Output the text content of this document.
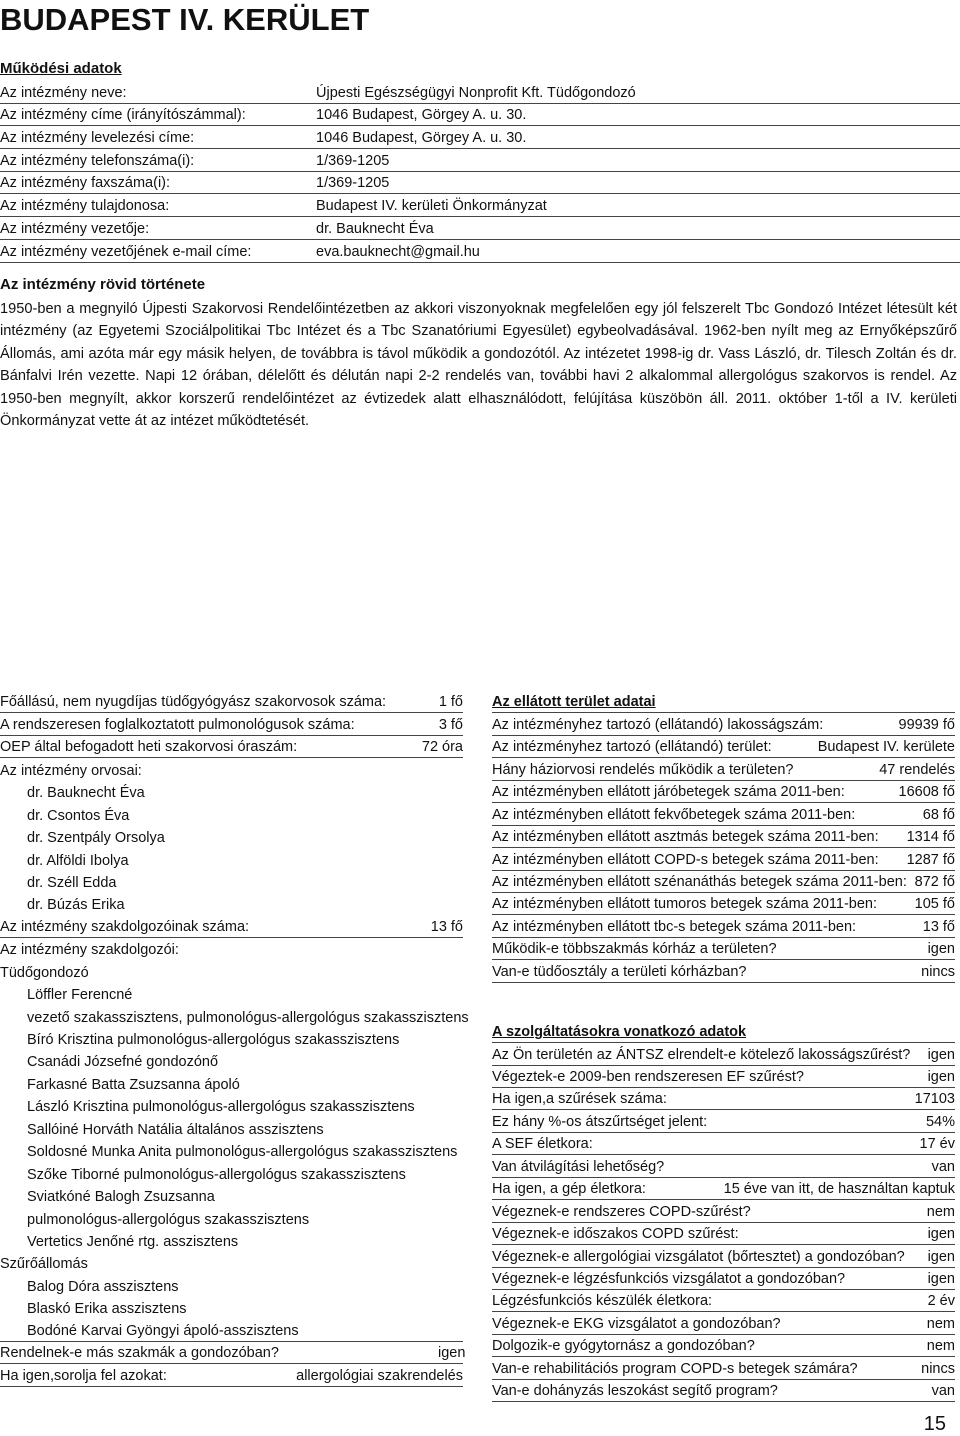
BUDAPEST IV. KERÜLET
Működési adatok
Az intézmény neve:	Újpesti Egészségügyi Nonprofit Kft. Tüdőgondozó
Az intézmény címe (irányítószámmal):	1046 Budapest, Görgey A. u. 30.
Az intézmény levelezési címe:	1046 Budapest, Görgey A. u. 30.
Az intézmény telefonszáma(i):	1/369-1205
Az intézmény faxszáma(i):	1/369-1205
Az intézmény tulajdonosa:	Budapest IV. kerületi Önkormányzat
Az intézmény vezetője:	dr. Bauknecht Éva
Az intézmény vezetőjének e-mail címe:	eva.bauknecht@gmail.hu
Az intézmény rövid története
1950-ben a megnyiló Újpesti Szakorvosi Rendelőintézetben az akkori viszonyoknak megfelelően egy jól felszerelt Tbc Gondozó Intézet létesült két intézmény (az Egyetemi Szociálpolitikai Tbc Intézet és a Tbc Szanatóriumi Egyesület) egybeolvadásával. 1962-ben nyílt meg az Ernyőképszűrő Állomás, ami azóta már egy másik helyen, de továbbra is távol működik a gondozótól. Az intézetet 1998-ig dr. Vass László, dr. Tilesch Zoltán és dr. Bánfalvi Irén vezette. Napi 12 órában, délelőtt és délután napi 2-2 rendelés van, további havi 2 alkalommal allergológus szakorvos is rendel. Az 1950-ben megnyílt, akkor korszerű rendelőintézet az évtizedek alatt elhasználódott, felújítása küszöbön áll. 2011. október 1-től a IV. kerületi Önkormányzat vette át az intézet működtetését.
Főállású, nem nyugdíjas tüdőgyógyász szakorvosok száma:	1 fő
A rendszeresen foglalkoztatott pulmonológusok száma:	3 fő
OEP által befogadott heti szakorvosi óraszám:	72 óra
Az intézmény orvosai:
dr. Bauknecht Éva
dr. Csontos Éva
dr. Szentpály Orsolya
dr. Alföldi Ibolya
dr. Széll Edda
dr. Búzás Erika
Az intézmény szakdolgozóinak száma:	13 fő
Az intézmény szakdolgozói:
Tüdőgondozó
Löffler Ferencné
vezető szakasszisztens, pulmonológus-allergológus szakasszisztens
Bíró Krisztina pulmonológus-allergológus szakasszisztens
Csanádi Józsefné gondozónő
Farkasné Batta Zsuzsanna ápoló
László Krisztina pulmonológus-allergológus szakasszisztens
Sallóiné Horváth Natália általános asszisztens
Soldosné Munka Anita pulmonológus-allergológus szakasszisztens
Szőke Tiborné pulmonológus-allergológus szakasszisztens
Sviatkóné Balogh Zsuzsanna
pulmonológus-allergológus szakasszisztens
Vertetics Jenőné rtg. asszisztens
Szűrőállomás
Balog Dóra asszisztens
Blaskó Erika asszisztens
Bodóné Karvai Gyöngyi ápoló-asszisztens
Rendelnek-e más szakmák a gondozóban?	igen
Ha igen,sorolja fel azokat:	allergológiai szakrendelés
Az ellátott terület adatai
Az intézményhez tartozó (ellátandó) lakosságszám:	99939 fő
Az intézményhez tartozó (ellátandó) terület:	Budapest IV. kerülete
Hány háziorvosi rendelés működik a területen?	47 rendelés
Az intézményben ellátott járóbetegek száma 2011-ben:	16608 fő
Az intézményben ellátott fekvőbetegek száma 2011-ben:	68 fő
Az intézményben ellátott asztmás betegek száma 2011-ben: 1314 fő
Az intézményben ellátott COPD-s betegek száma 2011-ben: 1287 fő
Az intézményben ellátott szénanáthás betegek száma 2011-ben: 872 fő
Az intézményben ellátott tumoros betegek száma 2011-ben:	105 fő
Az intézményben ellátott tbc-s betegek száma 2011-ben:	13 fő
Működik-e többszakmás kórház a területen?	igen
Van-e tüdőosztály a területi kórházban?	nincs
A szolgáltatásokra vonatkozó adatok
Az Ön területén az ÁNTSZ elrendelt-e kötelező lakosságszűrést? igen
Végeztek-e 2009-ben rendszeresen EF szűrést?	igen
Ha igen,a szűrések száma:	17103
Ez hány %-os átszűrtséget jelent:	54%
A SEF életkora:	17 év
Van átvilágítási lehetőség?	van
Ha igen, a gép életkora:	15 éve van itt, de használtan kaptuk
Végeznek-e rendszeres COPD-szűrést?	nem
Végeznek-e időszakos COPD szűrést:	igen
Végeznek-e allergológiai vizsgálatot (bőrtesztet) a gondozóban? igen
Végeznek-e légzésfunkciós vizsgálatot a gondozóban?	igen
Légzésfunkciós készülék életkora:	2 év
Végeznek-e EKG vizsgálatot a gondozóban?	nem
Dolgozik-e gyógytornász a gondozóban?	nem
Van-e rehabilitációs program COPD-s betegek számára?	nincs
Van-e dohányzás leszokást segítő program?	van
15
